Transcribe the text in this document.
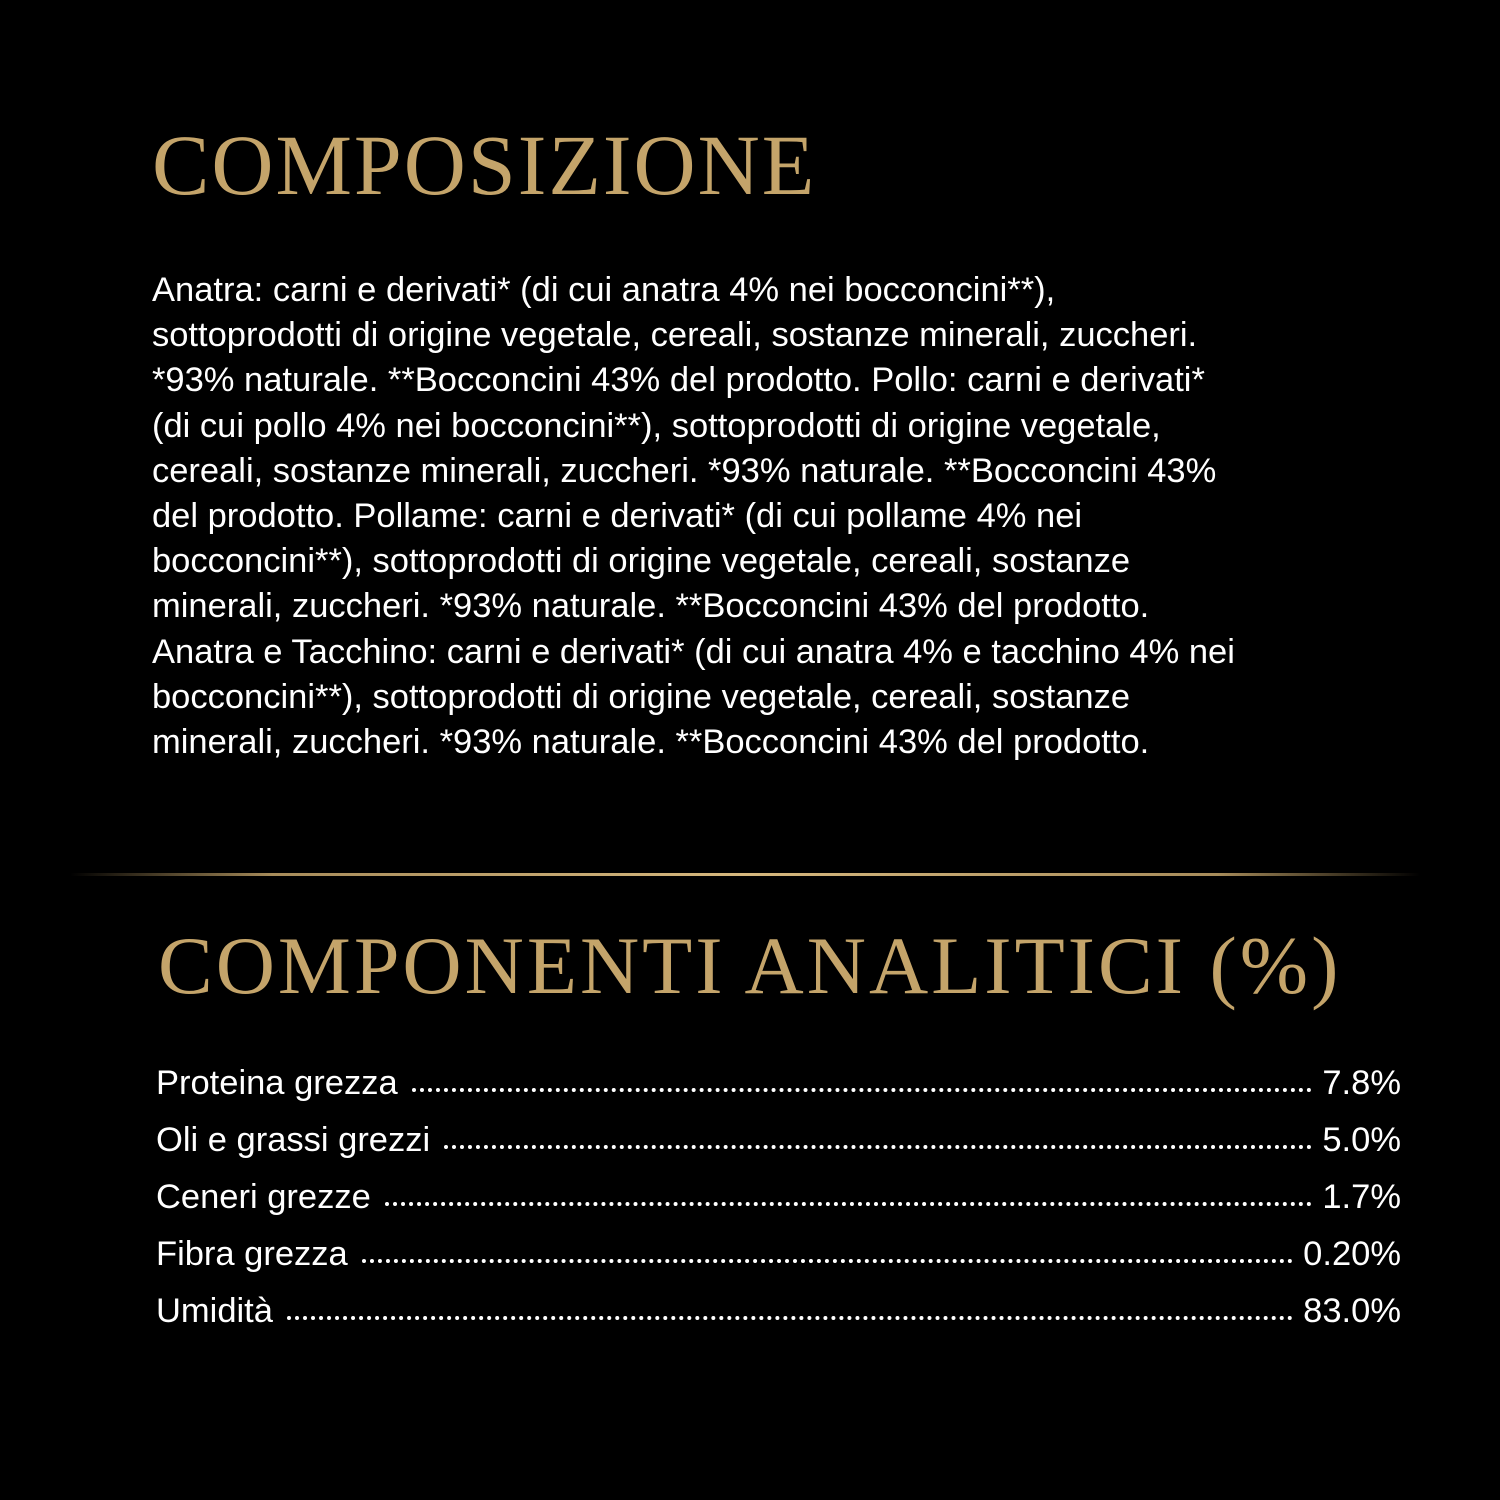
COMPOSIZIONE

Anatra: carni e derivati* (di cui anatra 4% nei bocconcini**),
sottoprodotti di origine vegetale, cereali, sostanze minerali, zuccheri.
*93% naturale. **Bocconcini 43% del prodotto. Pollo: carni e derivati*
(di cui pollo 4% nei bocconcini**), sottoprodotti di origine vegetale,
cereali, sostanze minerali, zuccheri. *93% naturale. **Bocconcini 43%
del prodotto. Pollame: carni e derivati* (di cui pollame 4% nei
bocconcini**), sottoprodotti di origine vegetale, cereali, sostanze
minerali, zuccheri. *93% naturale. **Bocconcini 43% del prodotto.
Anatra e Tacchino: carni e derivati* (di cui anatra 4% e tacchino 4% nei
bocconcini**), sottoprodotti di origine vegetale, cereali, sostanze
minerali, zuccheri. *93% naturale. **Bocconcini 43% del prodotto.

COMPONENTI ANALITICI (%)
Proteina grezza	7.8%
Oli e grassi grezzi	5.0%
Ceneri grezze	1.7%
Fibra grezza	0.20%
Umidità	83.0%
